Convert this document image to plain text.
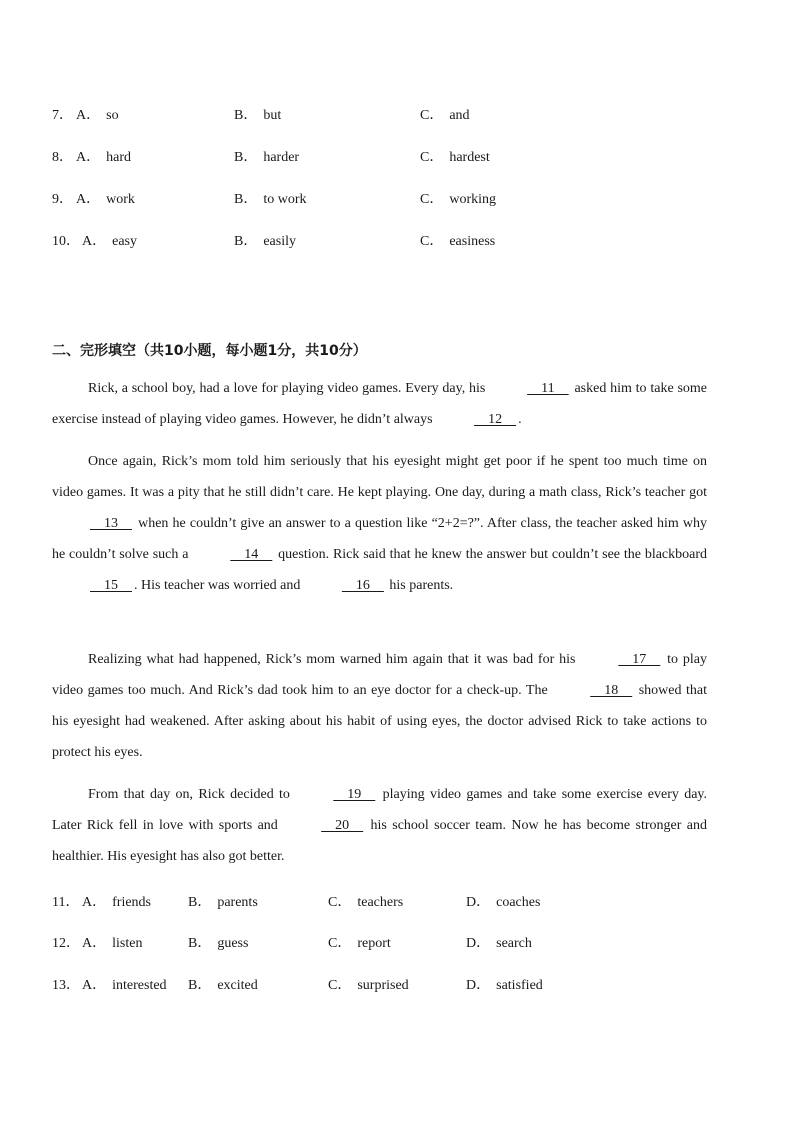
7． A． so	B． but	C． and
8． A． hard	B． harder	C． hardest
9． A． work	B． to work	C． working
10． A． easy	B． easily	C． easiness
二、完形填空（共10小题，每小题1分，共10分）

Rick, a school boy, had a love for playing video games. Every day, his	11     asked him to take some exercise instead of playing video games. However, he didn’t always	12    .

Once again, Rick’s mom told him seriously that his eyesight might get poor if he spent too much time on video games. It was a pity that he still didn’t care. He kept playing. One day, during a math class, Rick’s teacher got     13     when he couldn’t give an answer to a question like “2+2=?”. After class, the teacher asked him why he couldn’t solve such a	14     question. Rick said that he knew the answer but couldn’t see the blackboard     15    . His teacher was worried and	16     his parents.

Realizing what had happened, Rick’s mom warned him again that it was bad for his	17     to play video games too much. And Rick’s dad took him to an eye doctor for a check-up. The	18     showed that his eyesight had weakened. After asking about his habit of using eyes, the doctor advised Rick to take actions to protect his eyes.

From that day on, Rick decided to	19     playing video games and take some exercise every day. Later Rick fell in love with sports and	20     his school soccer team. Now he has become stronger and healthier. His eyesight has also got better.

11． A． friends	B． parents	C． teachers	D． coaches
12． A． listen	B． guess	C． report	D． search
13． A． interested B． excited	C． surprised	D． satisfied
